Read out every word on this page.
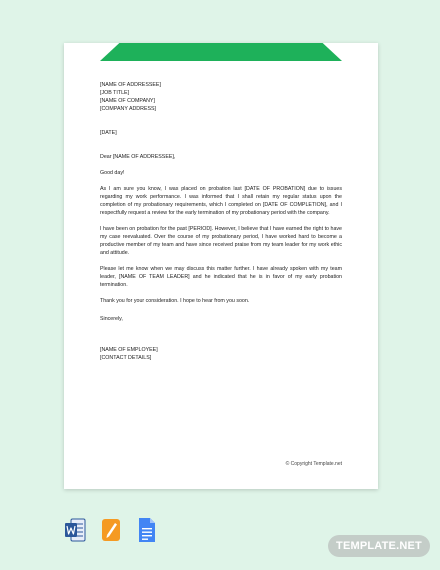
[NAME OF ADDRESSEE]
[JOB TITLE]
[NAME OF COMPANY]
[COMPANY ADDRESS]
[DATE]
Dear [NAME OF ADDRESSEE],
Good day!

As I am sure you know, I was placed on probation last [DATE OF PROBATION] due to issues regarding my work performance. I was informed that I shall retain my regular status upon the completion of my probationary requirements, which I completed on [DATE OF COMPLETION], and I respectfully request a review for the early termination of my probationary period with the company.

I have been on probation for the past [PERIOD]. However, I believe that I have earned the right to have my case reevaluated. Over the course of my probationary period, I have worked hard to become a productive member of my team and have since received praise from my team leader for my work ethic and attitude.

Please let me know when we may discuss this matter further. I have already spoken with my team leader, [NAME OF TEAM LEADER] and he indicated that he is in favor of my early probation termination.

Thank you for your consideration. I hope to hear from you soon.
Sincerely,
[NAME OF EMPLOYEE]
[CONTACT DETAILS]
© Copyright Template.net
TEMPLATE.NET
